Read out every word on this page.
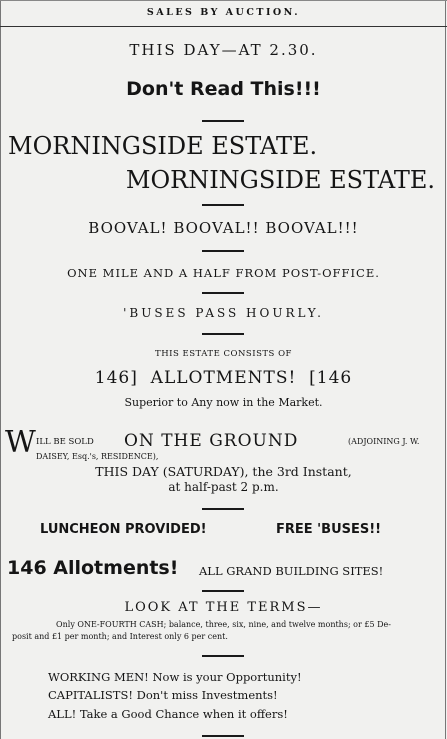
SALES BY AUCTION.
THIS DAY—AT 2.30.
Don't Read This!!!
MORNINGSIDE ESTATE.
MORNINGSIDE ESTATE.
BOOVAL! BOOVAL!! BOOVAL!!!
ONE MILE AND A HALF FROM POST-OFFICE.
'BUSES PASS HOURLY.
THIS ESTATE CONSISTS OF
146]  ALLOTMENTS!  [146
Superior to Any now in the Market.
W ILL BE SOLD ON THE GROUND	(ADJOINING J. W.
DAISEY, Esq.'s, RESIDENCE),
THIS DAY (SATURDAY), the 3rd Instant,
at half-past 2 p.m.
LUNCHEON PROVIDED!	FREE 'BUSES!!
146 Allotments! ALL GRAND BUILDING SITES!
LOOK AT THE TERMS—
Only ONE-FOURTH CASH; balance, three, six, nine, and twelve months; or £5 De-
posit and £1 per month; and Interest only 6 per cent.
WORKING MEN! Now is your Opportunity!
CAPITALISTS! Don't miss Investments!
ALL! Take a Good Chance when it offers!
